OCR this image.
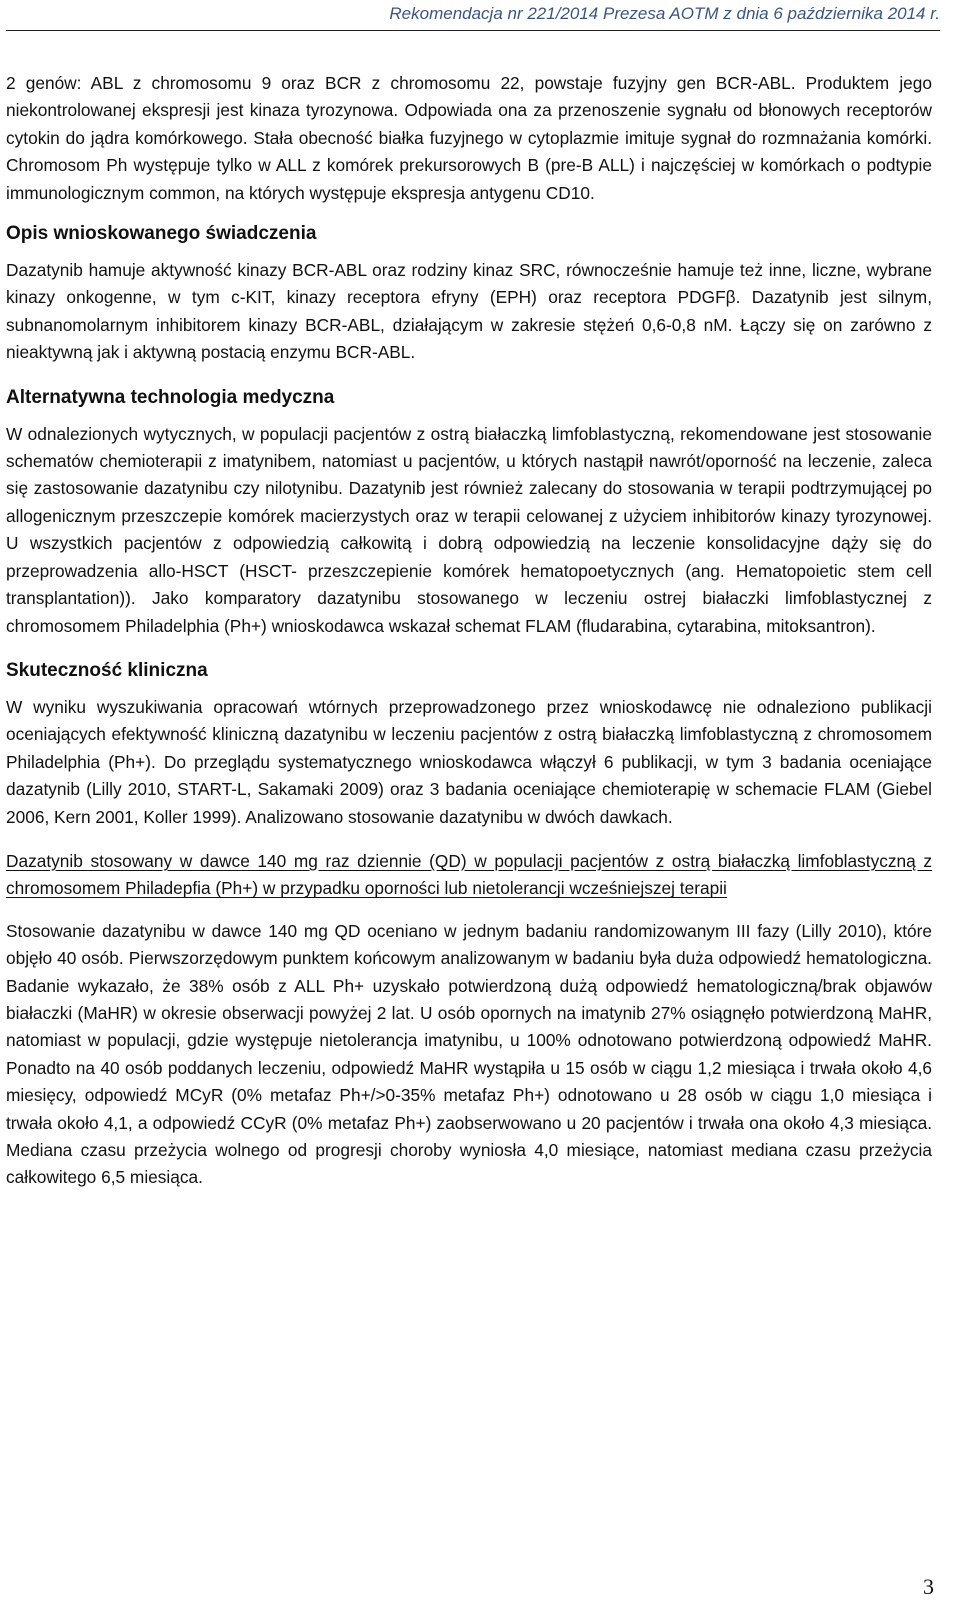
Rekomendacja nr 221/2014 Prezesa AOTM z dnia 6 października 2014 r.

2 genów: ABL z chromosomu 9 oraz BCR z chromosomu 22, powstaje fuzyjny gen BCR-ABL. Produktem jego niekontrolowanej ekspresji jest kinaza tyrozynowa. Odpowiada ona za przenoszenie sygnału od błonowych receptorów cytokin do jądra komórkowego. Stała obecność białka fuzyjnego w cytoplazmie imituje sygnał do rozmnażania komórki. Chromosom Ph występuje tylko w ALL z komórek prekursorowych B (pre-B ALL) i najczęściej w komórkach o podtypie immunologicznym common, na których występuje ekspresja antygenu CD10.

Opis wnioskowanego świadczenia

Dazatynib hamuje aktywność kinazy BCR-ABL oraz rodziny kinaz SRC, równocześnie hamuje też inne, liczne, wybrane kinazy onkogenne, w tym c-KIT, kinazy receptora efryny (EPH) oraz receptora PDGFβ. Dazatynib jest silnym, subnanomolarnym inhibitorem kinazy BCR-ABL, działającym w zakresie stężeń 0,6-0,8 nM. Łączy się on zarówno z nieaktywną jak i aktywną postacią enzymu BCR-ABL.

Alternatywna technologia medyczna

W odnalezionych wytycznych, w populacji pacjentów z ostrą białaczką limfoblastyczną, rekomendowane jest stosowanie schematów chemioterapii z imatynibem, natomiast u pacjentów, u których nastąpił nawrót/oporność na leczenie, zaleca się zastosowanie dazatynibu czy nilotynibu. Dazatynib jest również zalecany do stosowania w terapii podtrzymującej po allogenicznym przeszczepie komórek macierzystych oraz w terapii celowanej z użyciem inhibitorów kinazy tyrozynowej. U wszystkich pacjentów z odpowiedzią całkowitą i dobrą odpowiedzią na leczenie konsolidacyjne dąży się do przeprowadzenia allo-HSCT (HSCT- przeszczepienie komórek hematopoetycznych (ang. Hematopoietic stem cell transplantation)). Jako komparatory dazatynibu stosowanego w leczeniu ostrej białaczki limfoblastycznej z chromosomem Philadelphia (Ph+) wnioskodawca wskazał schemat FLAM (fludarabina, cytarabina, mitoksantron).

Skuteczność kliniczna

W wyniku wyszukiwania opracowań wtórnych przeprowadzonego przez wnioskodawcę nie odnaleziono publikacji oceniających efektywność kliniczną dazatynibu w leczeniu pacjentów z ostrą białaczką limfoblastyczną z chromosomem Philadelphia (Ph+). Do przeglądu systematycznego wnioskodawca włączył 6 publikacji, w tym 3 badania oceniające dazatynib (Lilly 2010, START-L, Sakamaki 2009) oraz 3 badania oceniające chemioterapię w schemacie FLAM (Giebel 2006, Kern 2001, Koller 1999). Analizowano stosowanie dazatynibu w dwóch dawkach.

Dazatynib stosowany w dawce 140 mg raz dziennie (QD) w populacji pacjentów z ostrą białaczką limfoblastyczną z chromosomem Philadepfia (Ph+) w przypadku oporności lub nietolerancji wcześniejszej terapii

Stosowanie dazatynibu w dawce 140 mg QD oceniano w jednym badaniu randomizowanym III fazy (Lilly 2010), które objęło 40 osób. Pierwszorzędowym punktem końcowym analizowanym w badaniu była duża odpowiedź hematologiczna. Badanie wykazało, że 38% osób z ALL Ph+ uzyskało potwierdzoną dużą odpowiedź hematologiczną/brak objawów białaczki (MaHR) w okresie obserwacji powyżej 2 lat. U osób opornych na imatynib 27% osiągnęło potwierdzoną MaHR, natomiast w populacji, gdzie występuje nietolerancja imatynibu, u 100% odnotowano potwierdzoną odpowiedź MaHR. Ponadto na 40 osób poddanych leczeniu, odpowiedź MaHR wystąpiła u 15 osób w ciągu 1,2 miesiąca i trwała około 4,6 miesięcy, odpowiedź MCyR (0% metafaz Ph+/>0-35% metafaz Ph+) odnotowano u 28 osób w ciągu 1,0 miesiąca i trwała około 4,1, a odpowiedź CCyR (0% metafaz Ph+) zaobserwowano u 20 pacjentów i trwała ona około 4,3 miesiąca. Mediana czasu przeżycia wolnego od progresji choroby wyniosła 4,0 miesiące, natomiast mediana czasu przeżycia całkowitego 6,5 miesiąca.

3
